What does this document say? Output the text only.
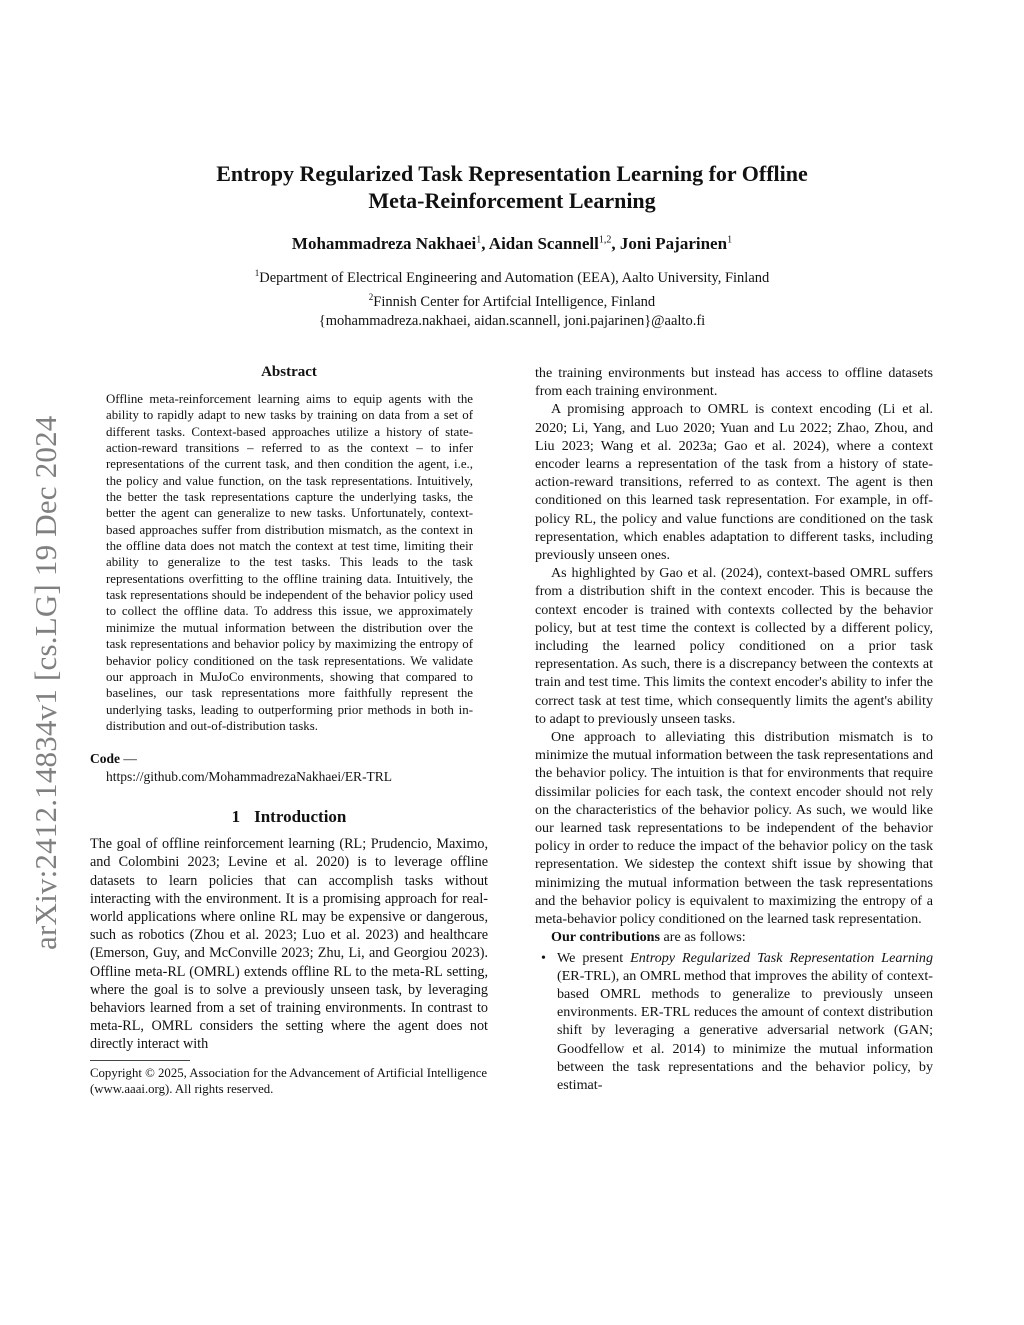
arXiv:2412.14834v1 [cs.LG] 19 Dec 2024
Entropy Regularized Task Representation Learning for Offline
Meta-Reinforcement Learning
Mohammadreza Nakhaei$^1$, Aidan Scannell$^{1,2}$, Joni Pajarinen$^1$
$^1$Department of Electrical Engineering and Automation (EEA), Aalto University, Finland
$^2$Finnish Center for Artifcial Intelligence, Finland
{mohammadreza.nakhaei, aidan.scannell, joni.pajarinen}@aalto.fi
Abstract

Offline meta-reinforcement learning aims to equip agents with the ability to rapidly adapt to new tasks by training on data from a set of different tasks. Context-based approaches utilize a history of state-action-reward transitions – referred to as the context – to infer representations of the current task, and then condition the agent, i.e., the policy and value function, on the task representations. Intuitively, the better the task representations capture the underlying tasks, the better the agent can generalize to new tasks. Unfortunately, context-based approaches suffer from distribution mismatch, as the context in the offline data does not match the context at test time, limiting their ability to generalize to the test tasks. This leads to the task representations overfitting to the offline training data. Intuitively, the task representations should be independent of the behavior policy used to collect the offline data. To address this issue, we approximately minimize the mutual information between the distribution over the task representations and behavior policy by maximizing the entropy of behavior policy conditioned on the task representations. We validate our approach in MuJoCo environments, showing that compared to baselines, our task representations more faithfully represent the underlying tasks, leading to outperforming prior methods in both in-distribution and out-of-distribution tasks.

Code —
https://github.com/MohammadrezaNakhaei/ER-TRL
1 Introduction

The goal of offline reinforcement learning (RL; Prudencio, Maximo, and Colombini 2023; Levine et al. 2020) is to leverage offline datasets to learn policies that can accomplish tasks without interacting with the environment. It is a promising approach for real-world applications where online RL may be expensive or dangerous, such as robotics (Zhou et al. 2023; Luo et al. 2023) and healthcare (Emerson, Guy, and McConville 2023; Zhu, Li, and Georgiou 2023). Offline meta-RL (OMRL) extends offline RL to the meta-RL setting, where the goal is to solve a previously unseen task, by leveraging behaviors learned from a set of training environments. In contrast to meta-RL, OMRL considers the setting where the agent does not directly interact with

Copyright © 2025, Association for the Advancement of Artificial Intelligence (www.aaai.org). All rights reserved.

the training environments but instead has access to offline datasets from each training environment.

A promising approach to OMRL is context encoding (Li et al. 2020; Li, Yang, and Luo 2020; Yuan and Lu 2022; Zhao, Zhou, and Liu 2023; Wang et al. 2023a; Gao et al. 2024), where a context encoder learns a representation of the task from a history of state-action-reward transitions, referred to as context. The agent is then conditioned on this learned task representation. For example, in off-policy RL, the policy and value functions are conditioned on the task representation, which enables adaptation to different tasks, including previously unseen ones.

As highlighted by Gao et al. (2024), context-based OMRL suffers from a distribution shift in the context encoder. This is because the context encoder is trained with contexts collected by the behavior policy, but at test time the context is collected by a different policy, including the learned policy conditioned on a prior task representation. As such, there is a discrepancy between the contexts at train and test time. This limits the context encoder's ability to infer the correct task at test time, which consequently limits the agent's ability to adapt to previously unseen tasks.

One approach to alleviating this distribution mismatch is to minimize the mutual information between the task representations and the behavior policy. The intuition is that for environments that require dissimilar policies for each task, the context encoder should not rely on the characteristics of the behavior policy. As such, we would like our learned task representations to be independent of the behavior policy in order to reduce the impact of the behavior policy on the task representation. We sidestep the context shift issue by showing that minimizing the mutual information between the task representations and the behavior policy is equivalent to maximizing the entropy of a meta-behavior policy conditioned on the learned task representation.

Our contributions are as follows:

• We present Entropy Regularized Task Representation Learning (ER-TRL), an OMRL method that improves the ability of context-based OMRL methods to generalize to previously unseen environments. ER-TRL reduces the amount of context distribution shift by leveraging a generative adversarial network (GAN; Goodfellow et al. 2014) to minimize the mutual information between the task representations and the behavior policy, by estimat-
